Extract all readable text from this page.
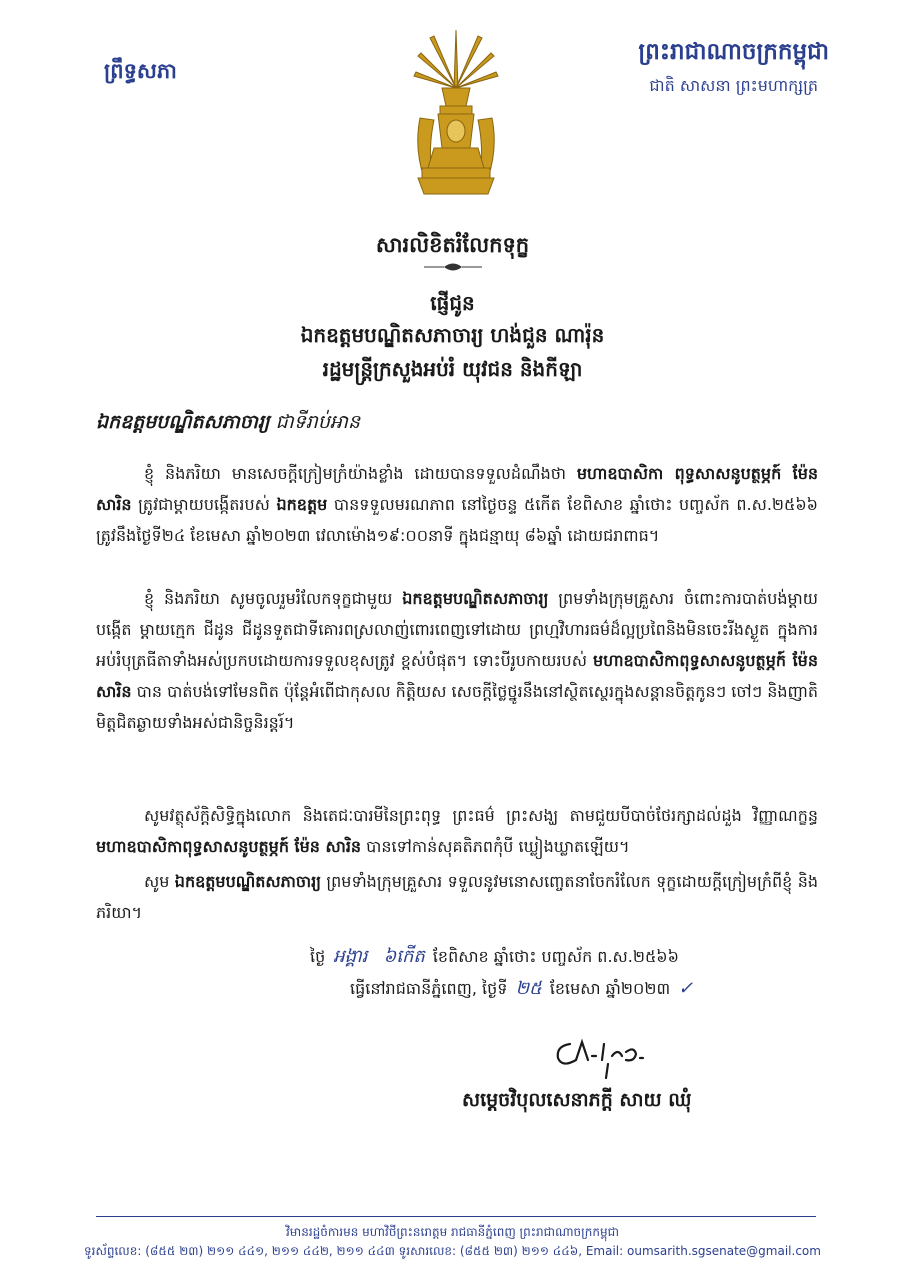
ព្រឹទ្ធសភា
ព្រះរាជាណាចក្រកម្ពុជា
ជាតិ សាសនា ព្រះមហាក្សត្រ
សារលិខិតរំលែកទុក្ខ
ផ្ញើជូន
ឯកឧត្ដមបណ្ឌិតសភាចារ្យ ហង់ជួន ណារ៉ុន
រដ្ឋមន្ត្រីក្រសួងអប់រំ យុវជន និងកីឡា
ឯកឧត្ដមបណ្ឌិតសភាចារ្យ ជាទីរាប់អាន
ខ្ញុំ និងភរិយា មានសេចក្ដីក្រៀមក្រំយ៉ាងខ្លាំង ដោយបានទទួលដំណឹងថា មហាឧបាសិកា ពុទ្ធសាសនូបត្ថម្ភក៍ ម៉ែន សារិន ត្រូវជាម្ដាយបង្កើតរបស់ ឯកឧត្ដម បានទទួលមរណភាព នៅថ្ងៃចន្ទ ៥កើត ខែពិសាខ ឆ្នាំថោះ បញ្ចស័ក ព.ស.២៥៦៦ ត្រូវនឹងថ្ងៃទី២៤ ខែមេសា ឆ្នាំ២០២៣ វេលាម៉ោង១៩:០០នាទី ក្នុងជន្មាយុ ៨៦ឆ្នាំ ដោយជរាពាធ។
ខ្ញុំ និងភរិយា សូមចូលរួមរំលែកទុក្ខជាមួយ ឯកឧត្ដមបណ្ឌិតសភាចារ្យ ព្រមទាំងក្រុមគ្រួសារ ចំពោះការបាត់បង់ម្ដាយបង្កើត ម្ដាយក្មេក ជីដូន ជីដូនទួតជាទីគោរពស្រលាញ់ពោរពេញទៅដោយ ព្រហ្មវិហារធម៌ដ៏ល្អប្រពៃនិងមិនចេះរីងស្ងួត ក្នុងការអប់រំបុត្រធីតាទាំងអស់ប្រកបដោយការទទួលខុសត្រូវ ខ្ពស់បំផុត។ ទោះបីរូបកាយរបស់ មហាឧបាសិកាពុទ្ធសាសនូបត្ថម្ភក៍ ម៉ែន សារិន បាន បាត់បង់ទៅមែនពិត ប៉ុន្តែអំពើជាកុសល កិត្តិយស សេចក្ដីថ្លៃថ្នូរនឹងនៅស្ថិតស្ថេរក្នុងសន្តានចិត្តកូនៗ ចៅៗ និងញាតិមិត្តជិតឆ្ងាយទាំងអស់ជានិច្ចនិរន្តរ៍។
សូមវត្ថុស័ក្ដិសិទ្ធិក្នុងលោក និងតេជៈបារមីនៃព្រះពុទ្ធ ព្រះធម៌ ព្រះសង្ឃ តាមជួយបីបាច់ថែរក្សាដល់ដួង វិញ្ញាណក្ខន្ធ មហាឧបាសិកាពុទ្ធសាសនូបត្ថម្ភក៍ ម៉ែន សារិន បានទៅកាន់សុគតិភពកុំបី ឃ្លៀងឃ្លាតឡើយ។
សូម ឯកឧត្ដមបណ្ឌិតសភាចារ្យ ព្រមទាំងក្រុមគ្រួសារ ទទួលនូវមនោសញ្ចេតនាចែករំលែក ទុក្ខដោយក្ដីក្រៀមក្រំពីខ្ញុំ និងភរិយា។
ថ្ងៃ អង្គារ ៦កើត ខែពិសាខ ឆ្នាំថោះ បញ្ចស័ក ព.ស.២៥៦៦
ធ្វើនៅរាជធានីភ្នំពេញ, ថ្ងៃទី ២៥ ខែមេសា ឆ្នាំ២០២៣ ✓
សម្ដេចវិបុលសេនាភក្ដី សាយ ឈុំ
វិមានរដ្ឋចំការមន មហាវិថីព្រះនរោត្តម រាជធានីភ្នំពេញ ព្រះរាជាណាចក្រកម្ពុជា
ទូរស័ព្ទលេខ: (៨៥៥ ២៣) ២១១ ៤៤១, ២១១ ៤៤២, ២១១ ៤៤៣ ទូរសារលេខ: (៨៥៥ ២៣) ២១១ ៤៤៦, Email: oumsarith.sgsenate@gmail.com
